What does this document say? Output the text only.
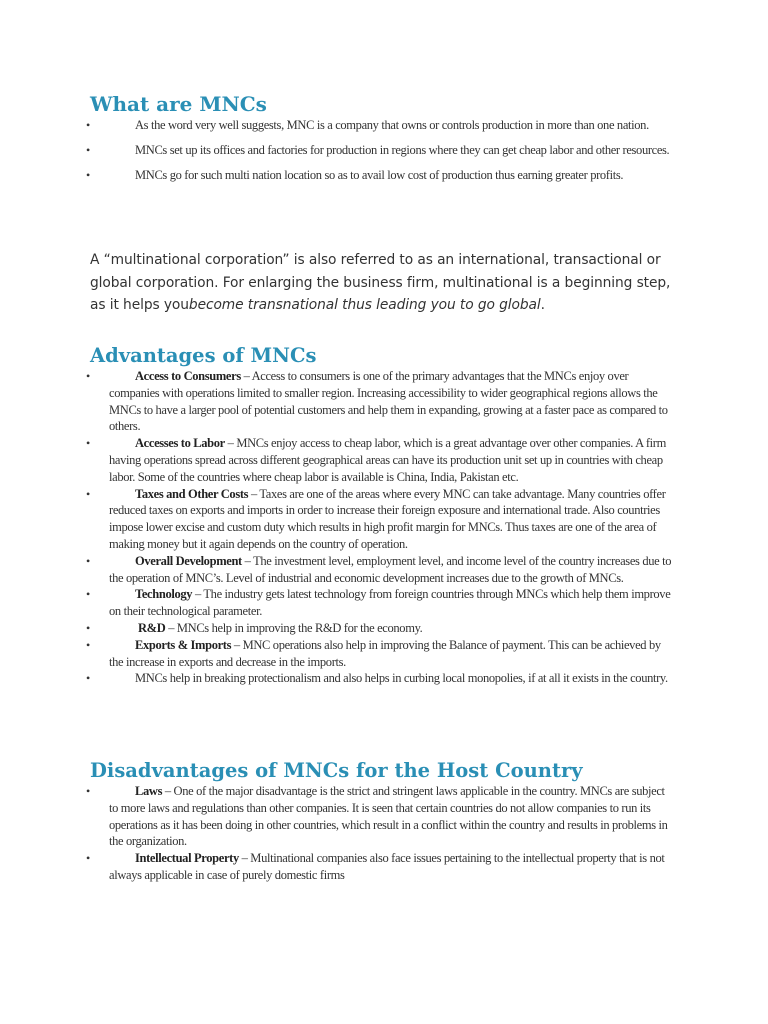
What are MNCs
•	As the word very well suggests, MNC is a company that owns or controls production in more than one nation.
•	MNCs set up its offices and factories for production in regions where they can get cheap labor and other resources.
•	MNCs go for such multi nation location so as to avail low cost of production thus earning greater profits.

A “multinational corporation” is also referred to as an international, transactional or global corporation. For enlarging the business firm, multinational is a beginning step, as it helps youbecome transnational thus leading you to go global.

Advantages of MNCs
•	Access to Consumers – Access to consumers is one of the primary advantages that the MNCs enjoy over companies with operations limited to smaller region. Increasing accessibility to wider geographical regions allows the MNCs to have a larger pool of potential customers and help them in expanding, growing at a faster pace as compared to others.
•	Accesses to Labor – MNCs enjoy access to cheap labor, which is a great advantage over other companies. A firm having operations spread across different geographical areas can have its production unit set up in countries with cheap labor. Some of the countries where cheap labor is available is China, India, Pakistan etc.
•	Taxes and Other Costs – Taxes are one of the areas where every MNC can take advantage. Many countries offer reduced taxes on exports and imports in order to increase their foreign exposure and international trade. Also countries impose lower excise and custom duty which results in high profit margin for MNCs. Thus taxes are one of the area of making money but it again depends on the country of operation.
•	Overall Development – The investment level, employment level, and income level of the country increases due to the operation of MNC’s. Level of industrial and economic development increases due to the growth of MNCs.
•	Technology – The industry gets latest technology from foreign countries through MNCs which help them improve on their technological parameter.
•	R&D – MNCs help in improving the R&D for the economy.
•	Exports & Imports – MNC operations also help in improving the Balance of payment. This can be achieved by the increase in exports and decrease in the imports.
•	MNCs help in breaking protectionalism and also helps in curbing local monopolies, if at all it exists in the country.
Disadvantages of MNCs for the Host Country
•	Laws – One of the major disadvantage is the strict and stringent laws applicable in the country. MNCs are subject to more laws and regulations than other companies. It is seen that certain countries do not allow companies to run its operations as it has been doing in other countries, which result in a conflict within the country and results in problems in the organization.
•	Intellectual Property – Multinational companies also face issues pertaining to the intellectual property that is not always applicable in case of purely domestic firms
